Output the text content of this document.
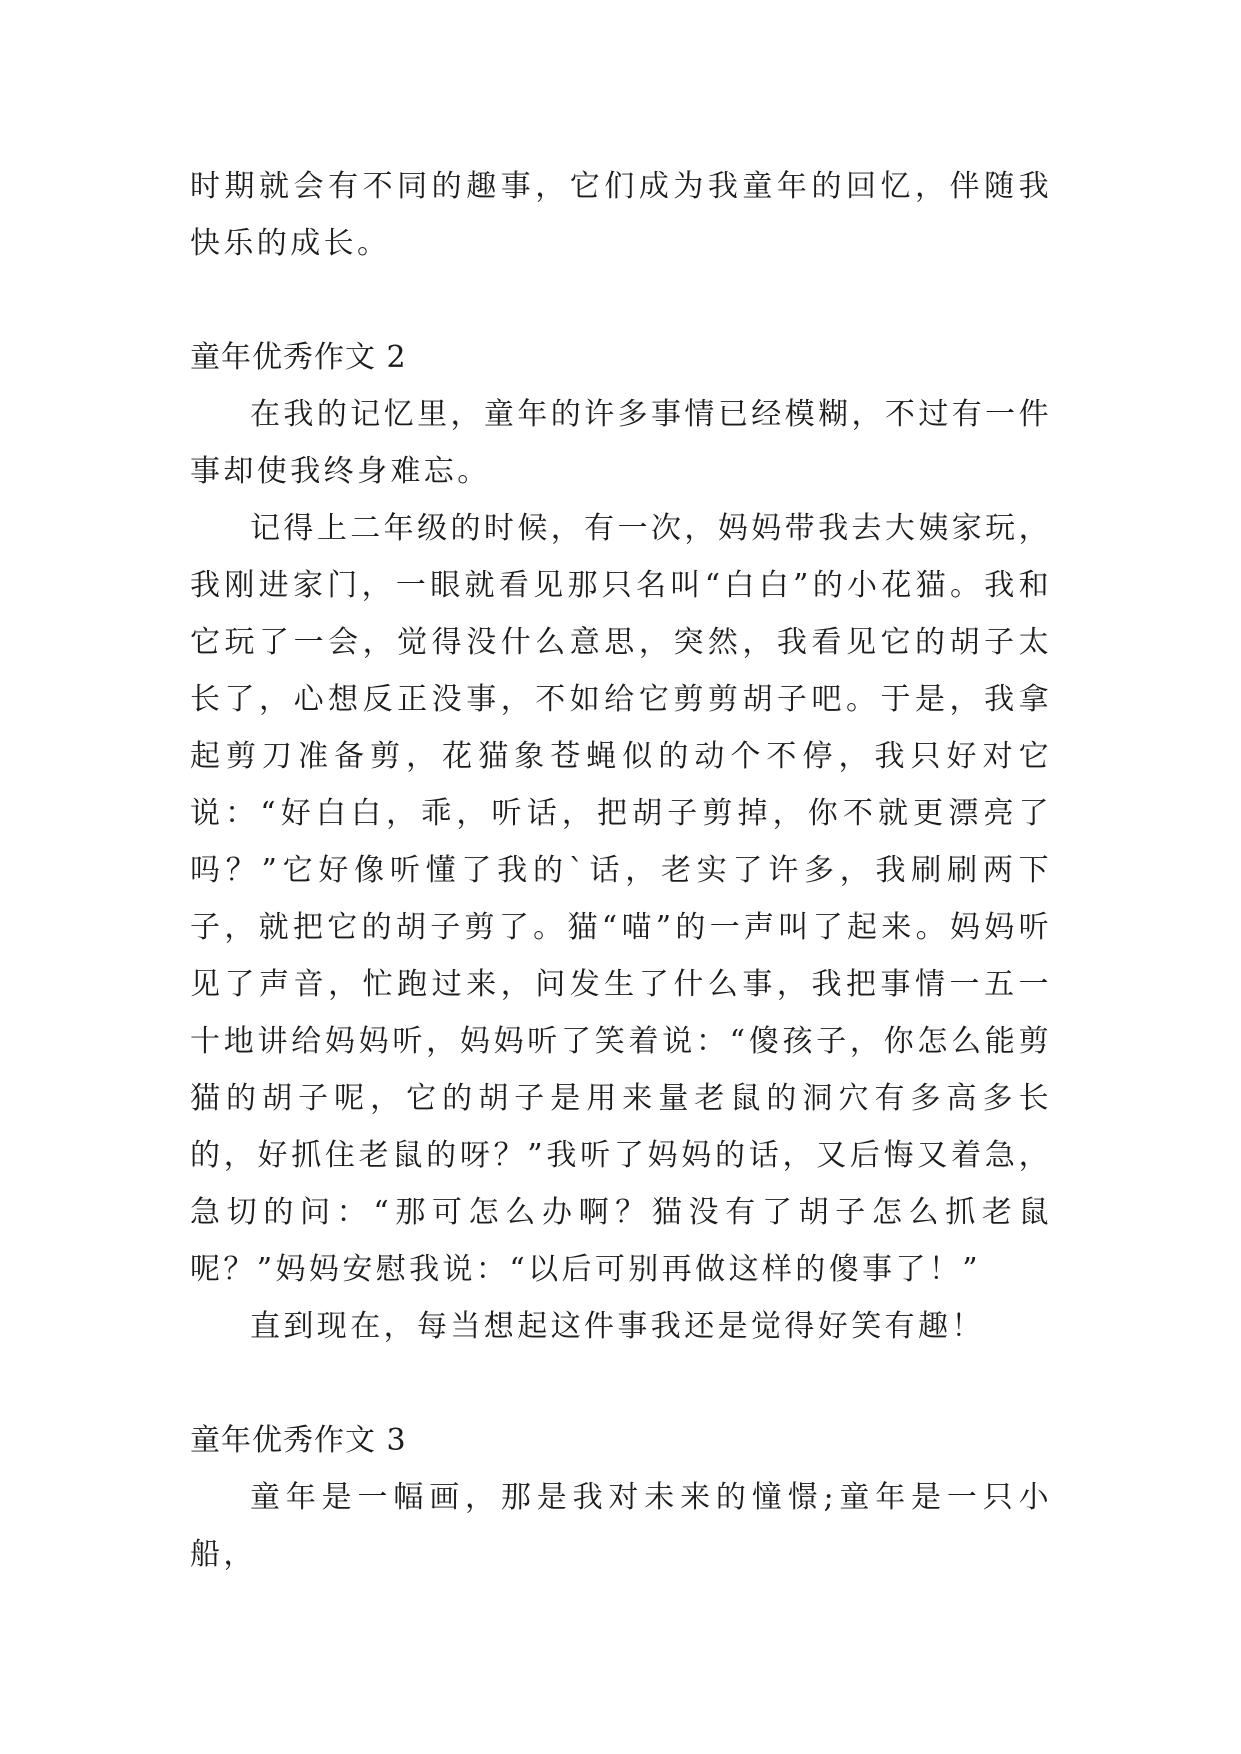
时期就会有不同的趣事，它们成为我童年的回忆，伴随我快乐的成长。

童年优秀作文 2

在我的记忆里，童年的许多事情已经模糊，不过有一件事却使我终身难忘。

记得上二年级的时候，有一次，妈妈带我去大姨家玩，我刚进家门，一眼就看见那只名叫“白白”的小花猫。我和它玩了一会，觉得没什么意思，突然，我看见它的胡子太长了，心想反正没事，不如给它剪剪胡子吧。于是，我拿起剪刀准备剪，花猫象苍蝇似的动个不停，我只好对它说：“好白白，乖，听话，把胡子剪掉，你不就更漂亮了吗？”它好像听懂了我的`话，老实了许多，我刷刷两下子，就把它的胡子剪了。猫“喵”的一声叫了起来。妈妈听见了声音，忙跑过来，问发生了什么事，我把事情一五一十地讲给妈妈听，妈妈听了笑着说：“傻孩子，你怎么能剪猫的胡子呢，它的胡子是用来量老鼠的洞穴有多高多长的，好抓住老鼠的呀？”我听了妈妈的话，又后悔又着急，急切的问：“那可怎么办啊？猫没有了胡子怎么抓老鼠呢？”妈妈安慰我说：“以后可别再做这样的傻事了！”

直到现在，每当想起这件事我还是觉得好笑有趣！

童年优秀作文 3

童年是一幅画，那是我对未来的憧憬;童年是一只小船，
